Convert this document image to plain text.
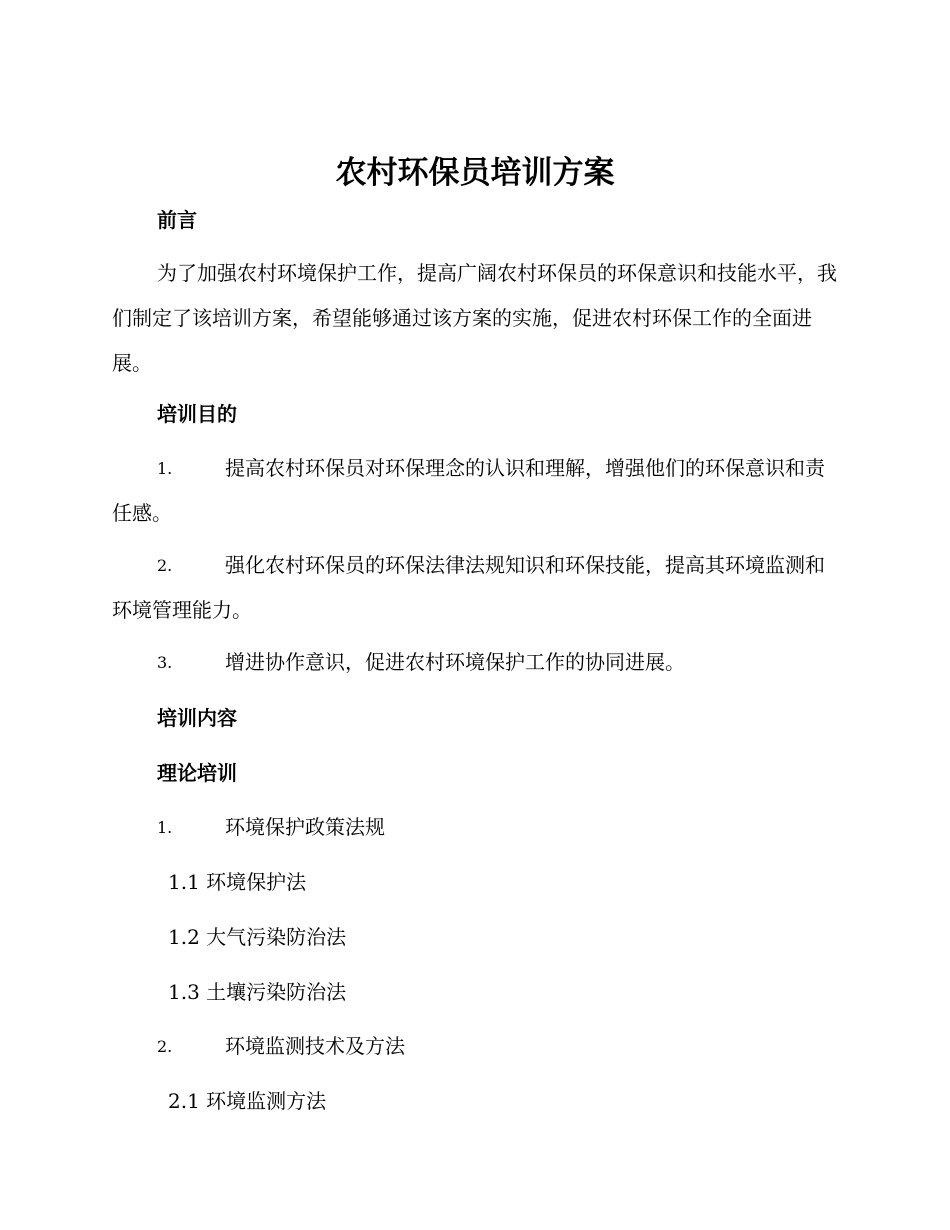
农村环保员培训方案
前言

为了加强农村环境保护工作，提高广阔农村环保员的环保意识和技能水平，我们制定了该培训方案，希望能够通过该方案的实施，促进农村环保工作的全面进展。

培训目的
1.	提高农村环保员对环保理念的认识和理解，增强他们的环保意识和责任感。
2.	强化农村环保员的环保法律法规知识和环保技能，提高其环境监测和环境管理能力。
3.	增进协作意识，促进农村环境保护工作的协同进展。
培训内容
理论培训
1.	环境保护政策法规

1.1 环境保护法

1.2 大气污染防治法

1.3 土壤污染防治法

2.	环境监测技术及方法

2.1 环境监测方法
